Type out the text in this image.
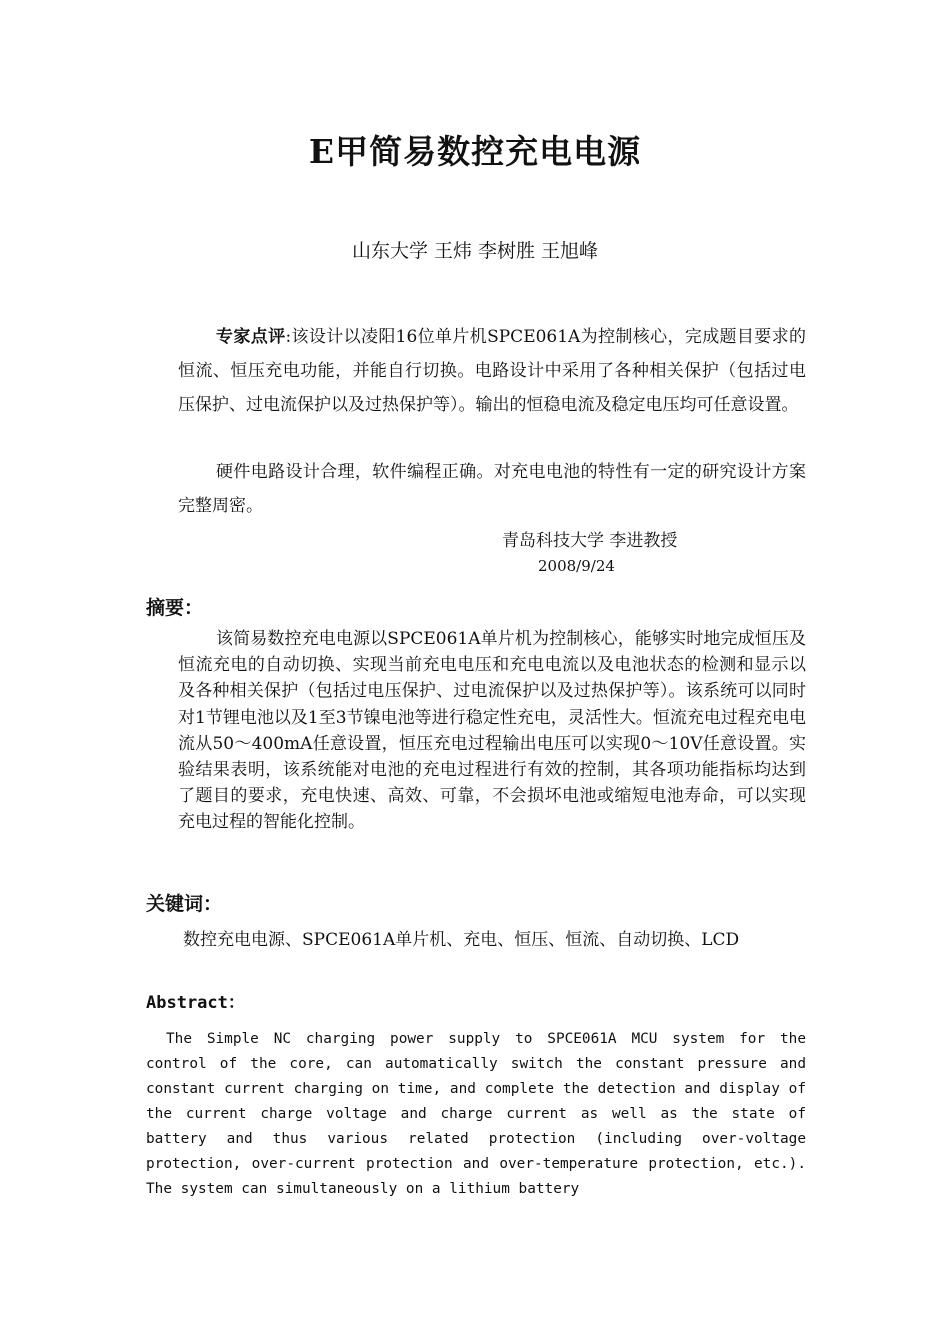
E甲简易数控充电电源
山东大学 王炜 李树胜 王旭峰
专家点评:该设计以凌阳16位单片机SPCE061A为控制核心，完成题目要求的恒流、恒压充电功能，并能自行切换。电路设计中采用了各种相关保护（包括过电压保护、过电流保护以及过热保护等）。输出的恒稳电流及稳定电压均可任意设置。
硬件电路设计合理，软件编程正确。对充电电池的特性有一定的研究设计方案完整周密。
青岛科技大学 李进教授
2008/9/24
摘要：
该简易数控充电电源以SPCE061A单片机为控制核心，能够实时地完成恒压及恒流充电的自动切换、实现当前充电电压和充电电流以及电池状态的检测和显示以及各种相关保护（包括过电压保护、过电流保护以及过热保护等）。该系统可以同时对1节锂电池以及1至3节镍电池等进行稳定性充电，灵活性大。恒流充电过程充电电流从50～400mA任意设置，恒压充电过程输出电压可以实现0～10V任意设置。实验结果表明，该系统能对电池的充电过程进行有效的控制，其各项功能指标均达到了题目的要求，充电快速、高效、可靠，不会损坏电池或缩短电池寿命，可以实现充电过程的智能化控制。
关键词：
数控充电电源、SPCE061A单片机、充电、恒压、恒流、自动切换、LCD
Abstract：
The Simple NC charging power supply to SPCE061A MCU system for the control of the core, can automatically switch the constant pressure and constant current charging on time, and complete the detection and display of the current charge voltage and charge current as well as the state of battery and thus various related protection (including over-voltage protection, over-current protection and over-temperature protection, etc.). The system can simultaneously on a lithium battery
